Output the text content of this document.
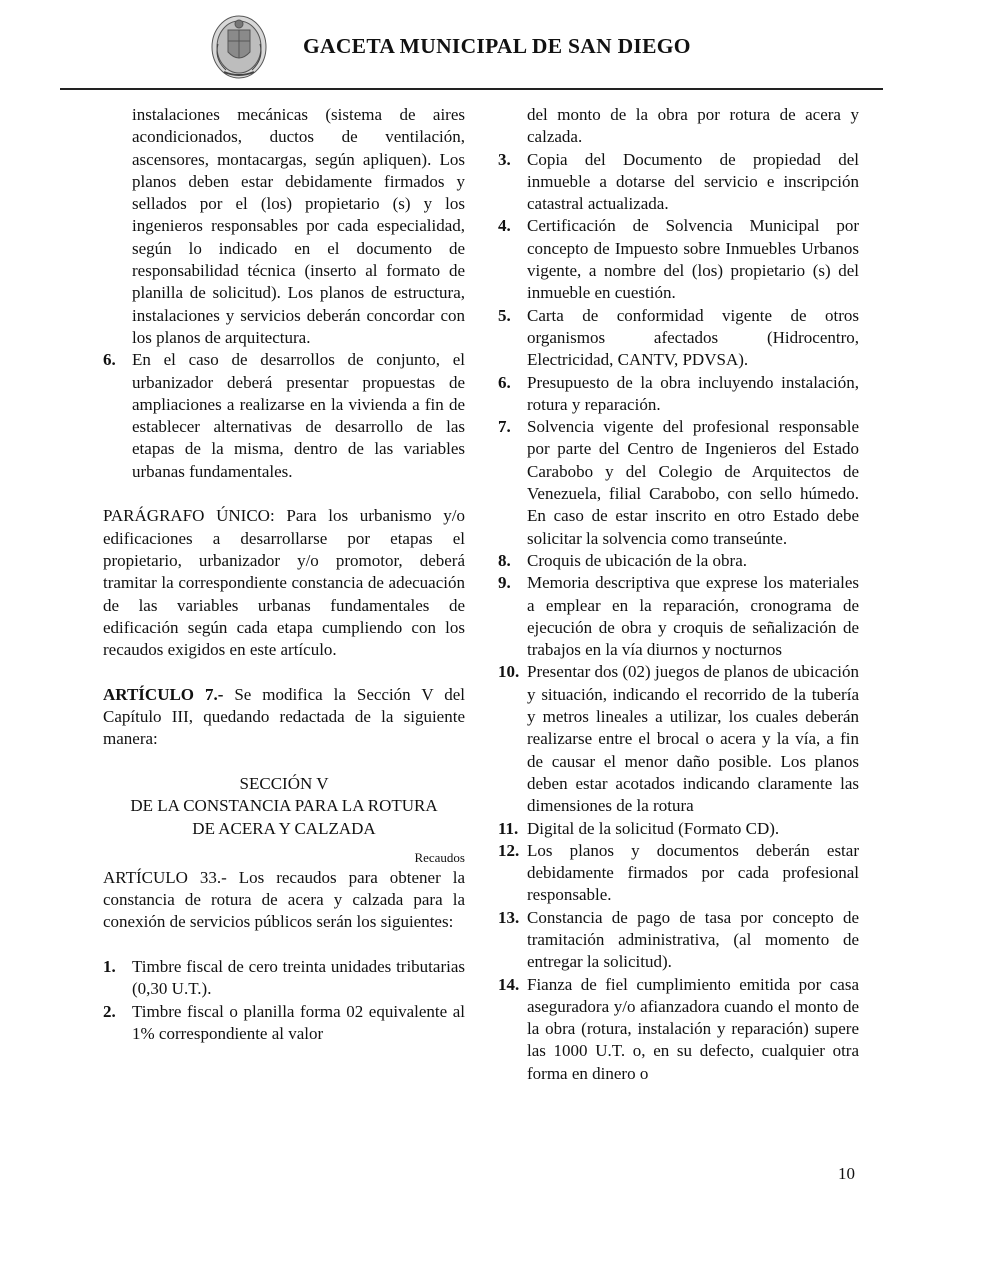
GACETA MUNICIPAL DE SAN DIEGO

instalaciones mecánicas (sistema de aires acondicionados, ductos de ventilación, ascensores, montacargas, según apliquen). Los planos deben estar debidamente firmados y sellados por el (los) propietario (s) y los ingenieros responsables por cada especialidad, según lo indicado en el documento de responsabilidad técnica (inserto al formato de planilla de solicitud). Los planos de estructura, instalaciones y servicios deberán concordar con los planos de arquitectura.

6. En el caso de desarrollos de conjunto, el urbanizador deberá presentar propuestas de ampliaciones a realizarse en la vivienda a fin de establecer alternativas de desarrollo de las etapas de la misma, dentro de las variables urbanas fundamentales.

PARÁGRAFO ÚNICO: Para los urbanismo y/o edificaciones a desarrollarse por etapas el propietario, urbanizador y/o promotor, deberá tramitar la correspondiente constancia de adecuación de las variables urbanas fundamentales de edificación según cada etapa cumpliendo con los recaudos exigidos en este artículo.

ARTÍCULO 7.- Se modifica la Sección V del Capítulo III, quedando redactada de la siguiente manera:

SECCIÓN V

DE LA CONSTANCIA PARA LA ROTURA

DE ACERA Y CALZADA

Recaudos

ARTÍCULO 33.- Los recaudos para obtener la constancia de rotura de acera y calzada para la conexión de servicios públicos serán los siguientes:

1. Timbre fiscal de cero treinta unidades tributarias (0,30 U.T.).
2. Timbre fiscal o planilla forma 02 equivalente al 1% correspondiente al valor

del monto de la obra por rotura de acera y calzada.

3. Copia del Documento de propiedad del inmueble a dotarse del servicio e inscripción catastral actualizada.
4. Certificación de Solvencia Municipal por concepto de Impuesto sobre Inmuebles Urbanos vigente, a nombre del (los) propietario (s) del inmueble en cuestión.
5. Carta de conformidad vigente de otros organismos afectados (Hidrocentro, Electricidad, CANTV, PDVSA).
6. Presupuesto de la obra incluyendo instalación, rotura y reparación.
7. Solvencia vigente del profesional responsable por parte del Centro de Ingenieros del Estado Carabobo y del Colegio de Arquitectos de Venezuela, filial Carabobo, con sello húmedo. En caso de estar inscrito en otro Estado debe solicitar la solvencia como transeúnte.
8. Croquis de ubicación de la obra.
9. Memoria descriptiva que exprese los materiales a emplear en la reparación, cronograma de ejecución de obra y croquis de señalización de trabajos en la vía diurnos y nocturnos
10. Presentar dos (02) juegos de planos de ubicación y situación, indicando el recorrido de la tubería y metros lineales a utilizar, los cuales deberán realizarse entre el brocal o acera y la vía, a fin de causar el menor daño posible. Los planos deben estar acotados indicando claramente las dimensiones de la rotura
11. Digital de la solicitud (Formato CD).
12. Los planos y documentos deberán estar debidamente firmados por cada profesional responsable.
13. Constancia de pago de tasa por concepto de tramitación administrativa, (al momento de entregar la solicitud).
14. Fianza de fiel cumplimiento emitida por casa aseguradora y/o afianzadora cuando el monto de la obra (rotura, instalación y reparación) supere las 1000 U.T. o, en su defecto, cualquier otra forma en dinero o
10
